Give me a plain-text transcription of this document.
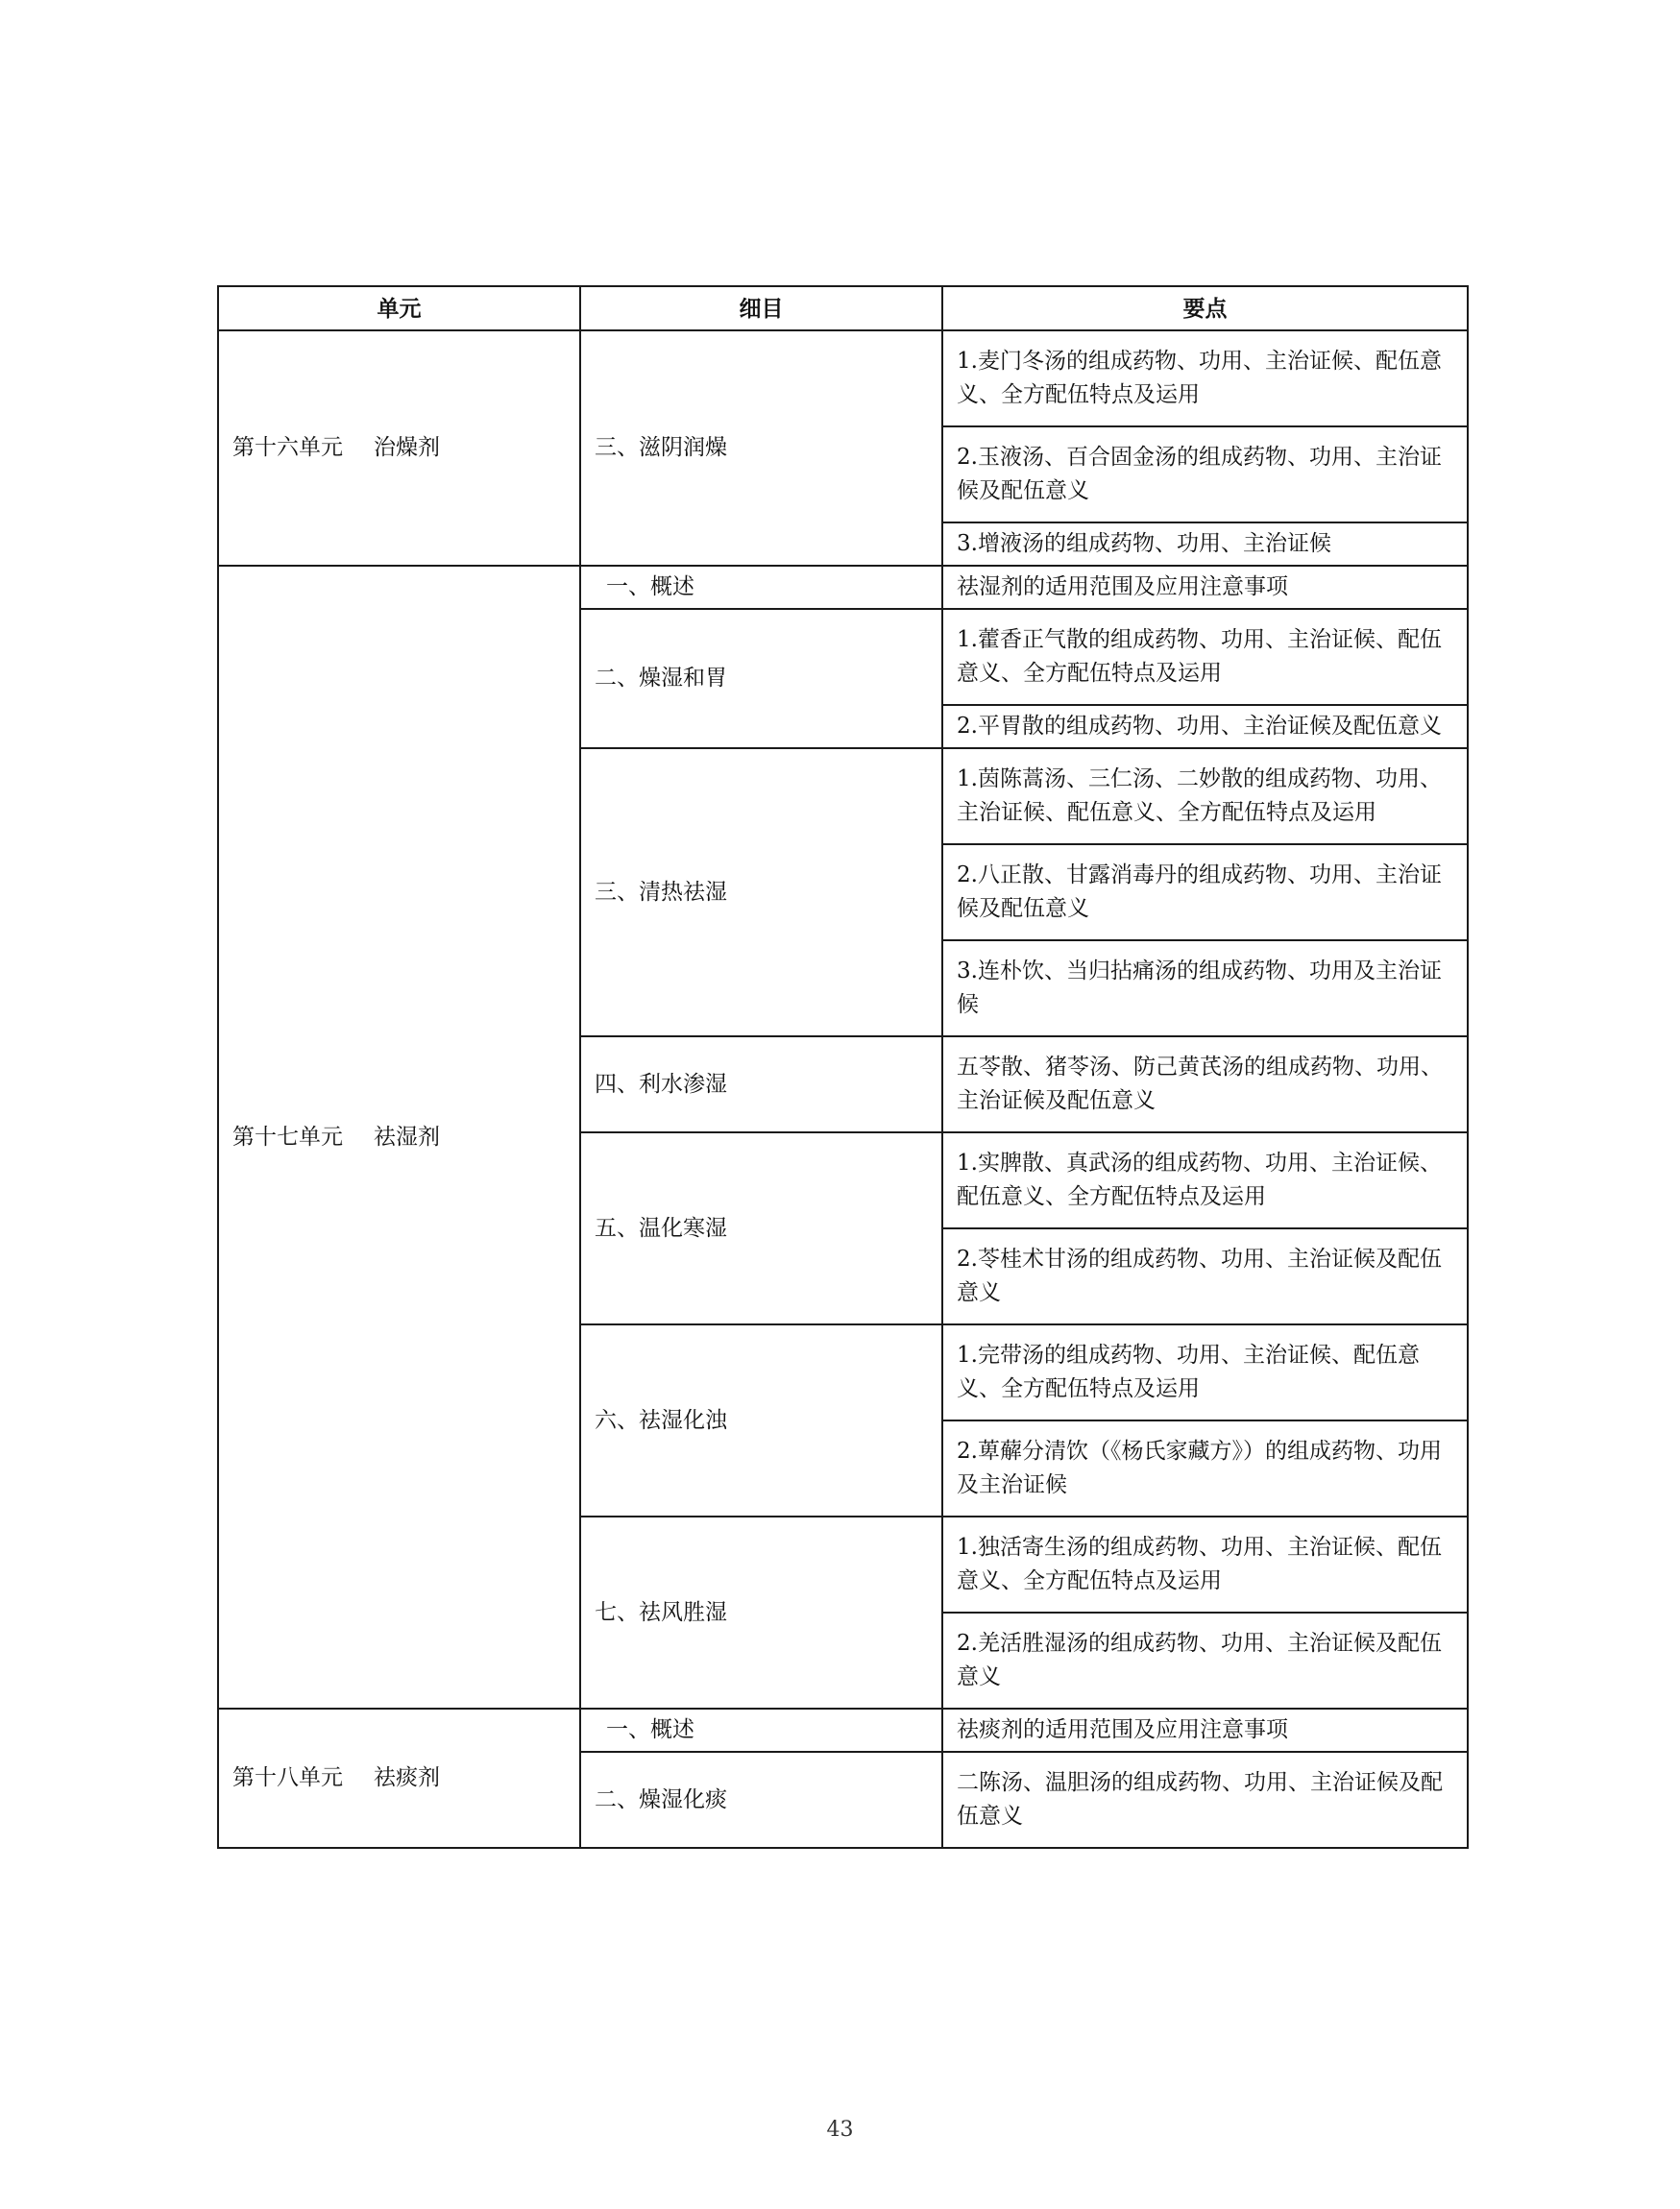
单元	细目	要点
第十六单元 治燥剂	三、滋阴润燥	1.麦门冬汤的组成药物、功用、主治证候、配伍意义、全方配伍特点及运用
		2.玉液汤、百合固金汤的组成药物、功用、主治证候及配伍意义
		3.增液汤的组成药物、功用、主治证候
第十七单元 祛湿剂	一、概述	祛湿剂的适用范围及应用注意事项
	二、燥湿和胃	1.藿香正气散的组成药物、功用、主治证候、配伍意义、全方配伍特点及运用
		2.平胃散的组成药物、功用、主治证候及配伍意义
	三、清热祛湿	1.茵陈蒿汤、三仁汤、二妙散的组成药物、功用、主治证候、配伍意义、全方配伍特点及运用
		2.八正散、甘露消毒丹的组成药物、功用、主治证候及配伍意义
		3.连朴饮、当归拈痛汤的组成药物、功用及主治证候
	四、利水渗湿	五苓散、猪苓汤、防己黄芪汤的组成药物、功用、主治证候及配伍意义
	五、温化寒湿	1.实脾散、真武汤的组成药物、功用、主治证候、配伍意义、全方配伍特点及运用
		2.苓桂术甘汤的组成药物、功用、主治证候及配伍意义
	六、祛湿化浊	1.完带汤的组成药物、功用、主治证候、配伍意义、全方配伍特点及运用
		2.萆薢分清饮（《杨氏家藏方》）的组成药物、功用及主治证候
	七、祛风胜湿	1.独活寄生汤的组成药物、功用、主治证候、配伍意义、全方配伍特点及运用
		2.羌活胜湿汤的组成药物、功用、主治证候及配伍意义
第十八单元 祛痰剂	一、概述	祛痰剂的适用范围及应用注意事项
	二、燥湿化痰	二陈汤、温胆汤的组成药物、功用、主治证候及配伍意义
43
